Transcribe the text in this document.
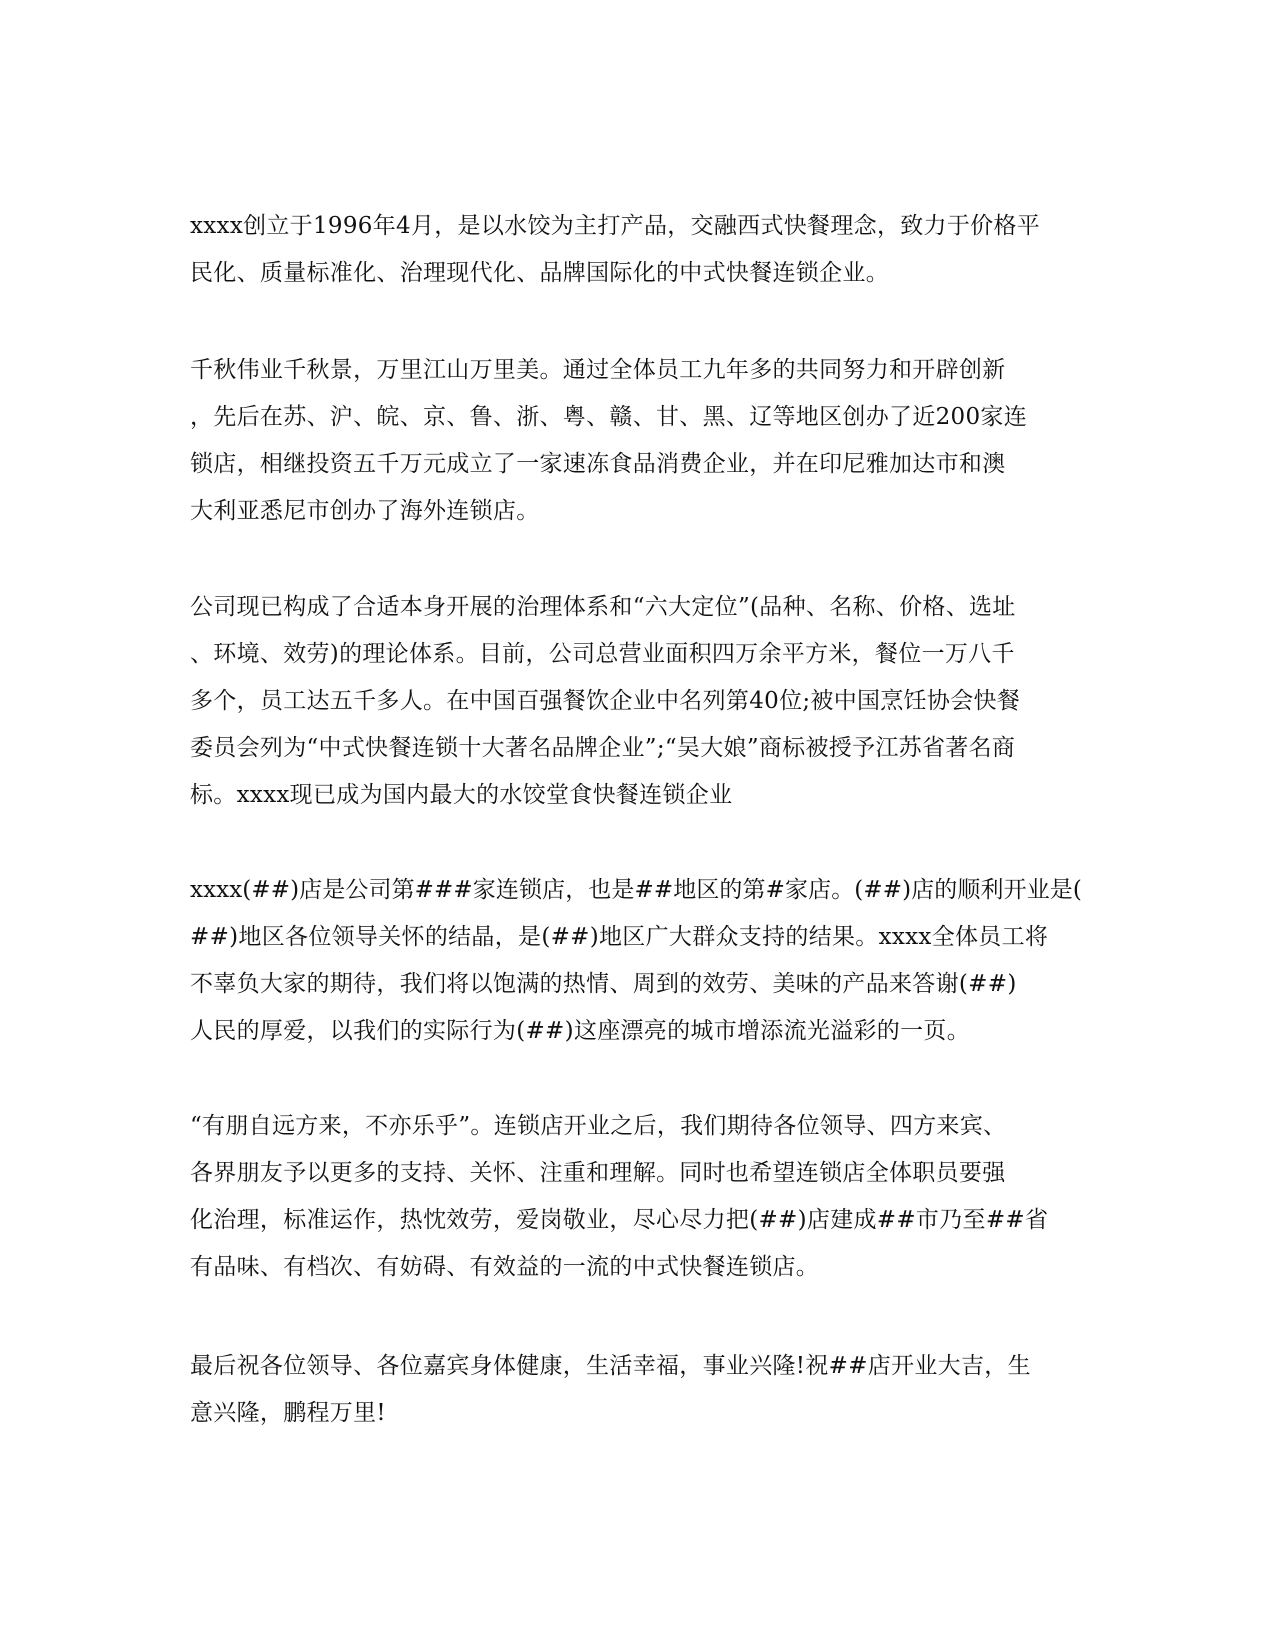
xxxx创立于1996年4月，是以水饺为主打产品，交融西式快餐理念，致力于价格平
民化、质量标准化、治理现代化、品牌国际化的中式快餐连锁企业。
千秋伟业千秋景，万里江山万里美。通过全体员工九年多的共同努力和开辟创新
，先后在苏、沪、皖、京、鲁、浙、粤、赣、甘、黑、辽等地区创办了近200家连
锁店，相继投资五千万元成立了一家速冻食品消费企业，并在印尼雅加达市和澳
大利亚悉尼市创办了海外连锁店。
公司现已构成了合适本身开展的治理体系和“六大定位”(品种、名称、价格、选址
、环境、效劳)的理论体系。目前，公司总营业面积四万余平方米，餐位一万八千
多个，员工达五千多人。在中国百强餐饮企业中名列第40位;被中国烹饪协会快餐
委员会列为“中式快餐连锁十大著名品牌企业”;“吴大娘”商标被授予江苏省著名商
标。xxxx现已成为国内最大的水饺堂食快餐连锁企业
xxxx(##)店是公司第###家连锁店，也是##地区的第#家店。(##)店的顺利开业是(
##)地区各位领导关怀的结晶，是(##)地区广大群众支持的结果。xxxx全体员工将
不辜负大家的期待，我们将以饱满的热情、周到的效劳、美味的产品来答谢(##)
人民的厚爱，以我们的实际行为(##)这座漂亮的城市增添流光溢彩的一页。
“有朋自远方来，不亦乐乎”。连锁店开业之后，我们期待各位领导、四方来宾、
各界朋友予以更多的支持、关怀、注重和理解。同时也希望连锁店全体职员要强
化治理，标准运作，热忱效劳，爱岗敬业，尽心尽力把(##)店建成##市乃至##省
有品味、有档次、有妨碍、有效益的一流的中式快餐连锁店。
最后祝各位领导、各位嘉宾身体健康，生活幸福，事业兴隆!祝##店开业大吉，生
意兴隆，鹏程万里!
